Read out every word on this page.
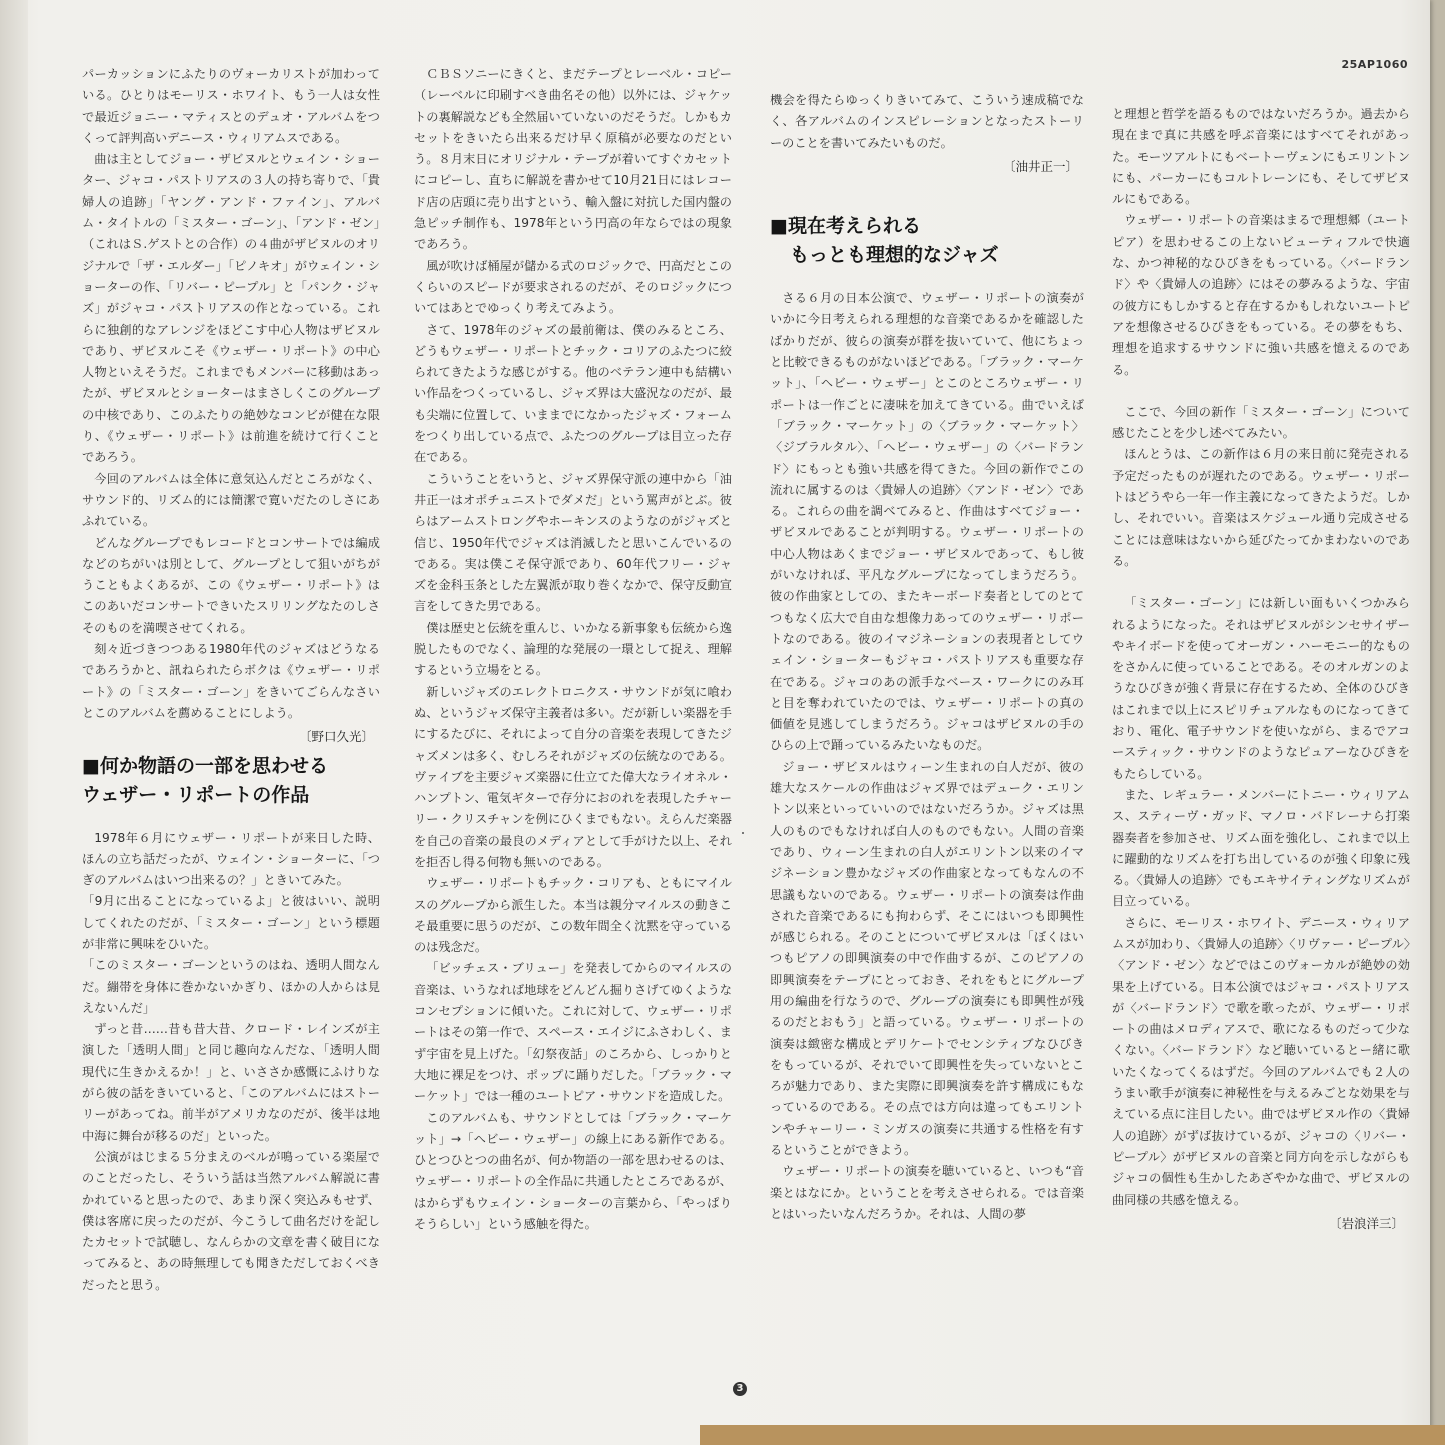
25AP1060

パーカッションにふたりのヴォーカリストが加わっている。ひとりはモーリス・ホワイト、もう一人は女性で最近ジョニー・マティスとのデュオ・アルバムをつくって評判高いデニース・ウィリアムスである。

曲は主としてジョー・ザビヌルとウェイン・ショーター、ジャコ・パストリアスの３人の持ち寄りで、「貴婦人の追跡」「ヤング・アンド・ファイン」、アルバム・タイトルの「ミスター・ゴーン」、「アンド・ゼン」（これはＳ.ゲストとの合作）の４曲がザビヌルのオリジナルで「ザ・エルダー」「ピノキオ」がウェイン・ショーターの作、「リバー・ピープル」と「パンク・ジャズ」がジャコ・パストリアスの作となっている。これらに独創的なアレンジをほどこす中心人物はザビヌルであり、ザビヌルこそ《ウェザー・リポート》の中心人物といえそうだ。これまでもメンバーに移動はあったが、ザビヌルとショーターはまさしくこのグループの中核であり、このふたりの絶妙なコンビが健在な限り、《ウェザー・リポート》は前進を続けて行くことであろう。

今回のアルバムは全体に意気込んだところがなく、サウンド的、リズム的には簡潔で寛いだたのしさにあふれている。

どんなグループでもレコードとコンサートでは編成などのちがいは別として、グループとして狙いがちがうこともよくあるが、この《ウェザー・リポート》はこのあいだコンサートできいたスリリングなたのしさそのものを満喫させてくれる。

刻々近づきつつある1980年代のジャズはどうなるであろうかと、訊ねられたらボクは《ウェザー・リポート》の「ミスター・ゴーン」をきいてごらんなさいとこのアルバムを薦めることにしよう。

〔野口久光〕
■何か物語の一部を思わせる
ウェザー・リポートの作品

1978年６月にウェザー・リポートが来日した時、ほんの立ち話だったが、ウェイン・ショーターに、「つぎのアルバムはいつ出来るの？」ときいてみた。

「9月に出ることになっているよ」と彼はいい、説明してくれたのだが、「ミスター・ゴーン」という標題が非常に興味をひいた。

「このミスター・ゴーンというのはね、透明人間なんだ。繃帯を身体に巻かないかぎり、ほかの人からは見えないんだ」

ずっと昔……昔も昔大昔、クロード・レインズが主演した「透明人間」と同じ趣向なんだな、「透明人間現代に生きかえるか！」と、いささか感慨にふけりながら彼の話をきいていると、「このアルバムにはストーリーがあってね。前半がアメリカなのだが、後半は地中海に舞台が移るのだ」といった。

公演がはじまる５分まえのベルが鳴っている楽屋でのことだったし、そういう話は当然アルバム解説に書かれていると思ったので、あまり深く突込みもせず、僕は客席に戻ったのだが、今こうして曲名だけを記したカセットで試聴し、なんらかの文章を書く破目になってみると、あの時無理しても聞きただしておくべきだったと思う。

ＣＢＳソニーにきくと、まだテープとレーベル・コピー（レーベルに印刷すべき曲名その他）以外には、ジャケットの裏解説なども全然届いていないのだそうだ。しかもカセットをきいたら出来るだけ早く原稿が必要なのだという。８月末日にオリジナル・テープが着いてすぐカセットにコピーし、直ちに解説を書かせて10月21日にはレコード店の店頭に売り出すという、輸入盤に対抗した国内盤の急ピッチ制作も、1978年という円高の年ならではの現象であろう。

風が吹けば桶屋が儲かる式のロジックで、円高だとこのくらいのスピードが要求されるのだが、そのロジックについてはあとでゆっくり考えてみよう。

さて、1978年のジャズの最前衛は、僕のみるところ、どうもウェザー・リポートとチック・コリアのふたつに絞られてきたような感じがする。他のベテラン連中も結構いい作品をつくっているし、ジャズ界は大盛況なのだが、最も尖端に位置して、いままでになかったジャズ・フォームをつくり出している点で、ふたつのグループは目立った存在である。

こういうことをいうと、ジャズ界保守派の連中から「油井正一はオポチュニストでダメだ」という罵声がとぶ。彼らはアームストロングやホーキンスのようなのがジャズと信じ、1950年代でジャズは消滅したと思いこんでいるのである。実は僕こそ保守派であり、60年代フリー・ジャズを金科玉条とした左翼派が取り巻くなかで、保守反動宣言をしてきた男である。

僕は歴史と伝統を重んじ、いかなる新事象も伝統から逸脱したものでなく、論理的な発展の一環として捉え、理解するという立場をとる。

新しいジャズのエレクトロニクス・サウンドが気に喰わぬ、というジャズ保守主義者は多い。だが新しい楽器を手にするたびに、それによって自分の音楽を表現してきたジャズメンは多く、むしろそれがジャズの伝統なのである。ヴァイブを主要ジャズ楽器に仕立てた偉大なライオネル・ハンプトン、電気ギターで存分におのれを表現したチャーリー・クリスチャンを例にひくまでもない。えらんだ楽器を自己の音楽の最良のメディアとして手がけた以上、それを拒否し得る何物も無いのである。

ウェザー・リポートもチック・コリアも、ともにマイルスのグループから派生した。本当は親分マイルスの動きこそ最重要に思うのだが、この数年間全く沈黙を守っているのは残念だ。

「ビッチェス・ブリュー」を発表してからのマイルスの音楽は、いうなれば地球をどんどん掘りさげてゆくようなコンセプションに傾いた。これに対して、ウェザー・リポートはその第一作で、スペース・エイジにふさわしく、まず宇宙を見上げた。「幻祭夜話」のころから、しっかりと大地に裸足をつけ、ポップに踊りだした。「ブラック・マーケット」では一種のユートピア・サウンドを造成した。

このアルバムも、サウンドとしては「ブラック・マーケット」→「ヘビー・ウェザー」の線上にある新作である。ひとつひとつの曲名が、何か物語の一部を思わせるのは、ウェザー・リポートの全作品に共通したところであるが、はからずもウェイン・ショーターの言葉から、「やっぱりそうらしい」という感触を得た。

機会を得たらゆっくりきいてみて、こういう速成稿でなく、各アルバムのインスピレーションとなったストーリーのことを書いてみたいものだ。

〔油井正一〕
■現在考えられる
もっとも理想的なジャズ

さる６月の日本公演で、ウェザー・リポートの演奏がいかに今日考えられる理想的な音楽であるかを確認したばかりだが、彼らの演奏が群を抜いていて、他にちょっと比較できるものがないほどである。「ブラック・マーケット」、「ヘビー・ウェザー」とこのところウェザー・リポートは一作ごとに凄味を加えてきている。曲でいえば「ブラック・マーケット」の〈ブラック・マーケット〉〈ジブラルタル〉、「ヘビー・ウェザー」の〈バードランド〉にもっとも強い共感を得てきた。今回の新作でこの流れに属するのは〈貴婦人の追跡〉〈アンド・ゼン〉である。これらの曲を調べてみると、作曲はすべてジョー・ザビヌルであることが判明する。ウェザー・リポートの中心人物はあくまでジョー・ザビヌルであって、もし彼がいなければ、平凡なグループになってしまうだろう。彼の作曲家としての、またキーボード奏者としてのとてつもなく広大で自由な想像力あってのウェザー・リポートなのである。彼のイマジネーションの表現者としてウェイン・ショーターもジャコ・パストリアスも重要な存在である。ジャコのあの派手なベース・ワークにのみ耳と目を奪われていたのでは、ウェザー・リポートの真の価値を見逃してしまうだろう。ジャコはザビヌルの手のひらの上で踊っているみたいなものだ。

ジョー・ザビヌルはウィーン生まれの白人だが、彼の雄大なスケールの作曲はジャズ界ではデューク・エリントン以来といっていいのではないだろうか。ジャズは黒人のものでもなければ白人のものでもない。人間の音楽であり、ウィーン生まれの白人がエリントン以来のイマジネーション豊かなジャズの作曲家となってもなんの不思議もないのである。ウェザー・リポートの演奏は作曲された音楽であるにも拘わらず、そこにはいつも即興性が感じられる。そのことについてザビヌルは「ぼくはいつもピアノの即興演奏の中で作曲するが、このピアノの即興演奏をテープにとっておき、それをもとにグループ用の編曲を行なうので、グループの演奏にも即興性が残るのだとおもう」と語っている。ウェザー・リポートの演奏は緻密な構成とデリケートでセンシティブなひびきをもっているが、それでいて即興性を失っていないところが魅力であり、また実際に即興演奏を許す構成にもなっているのである。その点では方向は違ってもエリントンやチャーリー・ミンガスの演奏に共通する性格を有するということができよう。

ウェザー・リポートの演奏を聴いていると、いつも“音楽とはなにか。ということを考えさせられる。では音楽とはいったいなんだろうか。それは、人間の夢

と理想と哲学を語るものではないだろうか。過去から現在まで真に共感を呼ぶ音楽にはすべてそれがあった。モーツアルトにもベートーヴェンにもエリントンにも、パーカーにもコルトレーンにも、そしてザビヌルにもである。

ウェザー・リポートの音楽はまるで理想郷（ユートピア）を思わせるこの上ないビューティフルで快適な、かつ神秘的なひびきをもっている。〈バードランド〉や〈貴婦人の追跡〉にはその夢みるような、宇宙の彼方にもしかすると存在するかもしれないユートピアを想像させるひびきをもっている。その夢をもち、理想を追求するサウンドに強い共感を憶えるのである。

ここで、今回の新作「ミスター・ゴーン」について感じたことを少し述べてみたい。

ほんとうは、この新作は６月の来日前に発売される予定だったものが遅れたのである。ウェザー・リポートはどうやら一年一作主義になってきたようだ。しかし、それでいい。音楽はスケジュール通り完成させることには意味はないから延びたってかまわないのである。

「ミスター・ゴーン」には新しい面もいくつかみられるようになった。それはザビヌルがシンセサイザーやキイボードを使ってオーガン・ハーモニー的なものをさかんに使っていることである。そのオルガンのようなひびきが強く背景に存在するため、全体のひびきはこれまで以上にスピリチュアルなものになってきており、電化、電子サウンドを使いながら、まるでアコースティック・サウンドのようなピュアーなひびきをもたらしている。

また、レギュラー・メンバーにトニー・ウィリアムス、スティーヴ・ガッド、マノロ・バドレーナら打楽器奏者を参加させ、リズム面を強化し、これまで以上に躍動的なリズムを打ち出しているのが強く印象に残る。〈貴婦人の追跡〉でもエキサイティングなリズムが目立っている。

さらに、モーリス・ホワイト、デニース・ウィリアムスが加わり、〈貴婦人の追跡〉〈リヴァー・ピープル〉〈アンド・ゼン〉などではこのヴォーカルが絶妙の効果を上げている。日本公演ではジャコ・パストリアスが〈バードランド〉で歌を歌ったが、ウェザー・リポートの曲はメロディアスで、歌になるものだって少なくない。〈バードランド〉など聴いているとー緒に歌いたくなってくるはずだ。今回のアルバムでも２人のうまい歌手が演奏に神秘性を与えるみごとな効果を与えている点に注目したい。曲ではザビヌル作の〈貴婦人の追跡〉がずば抜けているが、ジャコの〈リバー・ピープル〉がザビヌルの音楽と同方向を示しながらもジャコの個性も生かしたあざやかな曲で、ザビヌルの曲同様の共感を憶える。

〔岩浪洋三〕
3
